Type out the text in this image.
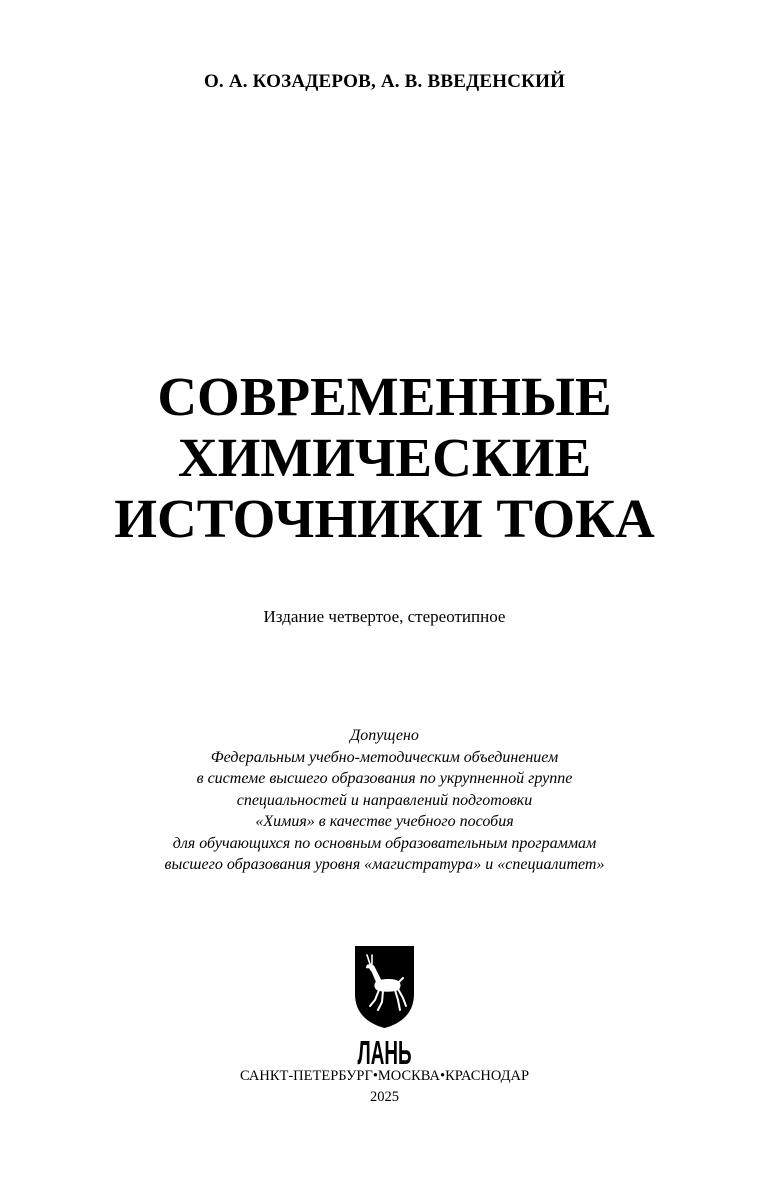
О. А. КОЗАДЕРОВ, А. В. ВВЕДЕНСКИЙ
СОВРЕМЕННЫЕ
ХИМИЧЕСКИЕ
ИСТОЧНИКИ ТОКА
Издание четвертое, стереотипное
Допущено
Федеральным учебно-методическим объединением
в системе высшего образования по укрупненной группе
специальностей и направлений подготовки
«Химия» в качестве учебного пособия
для обучающихся по основным образовательным программам
высшего образования уровня «магистратура» и «специалитет»
ЛАНЬ
САНКТ-ПЕТЕРБУРГ•МОСКВА•КРАСНОДАР
2025
